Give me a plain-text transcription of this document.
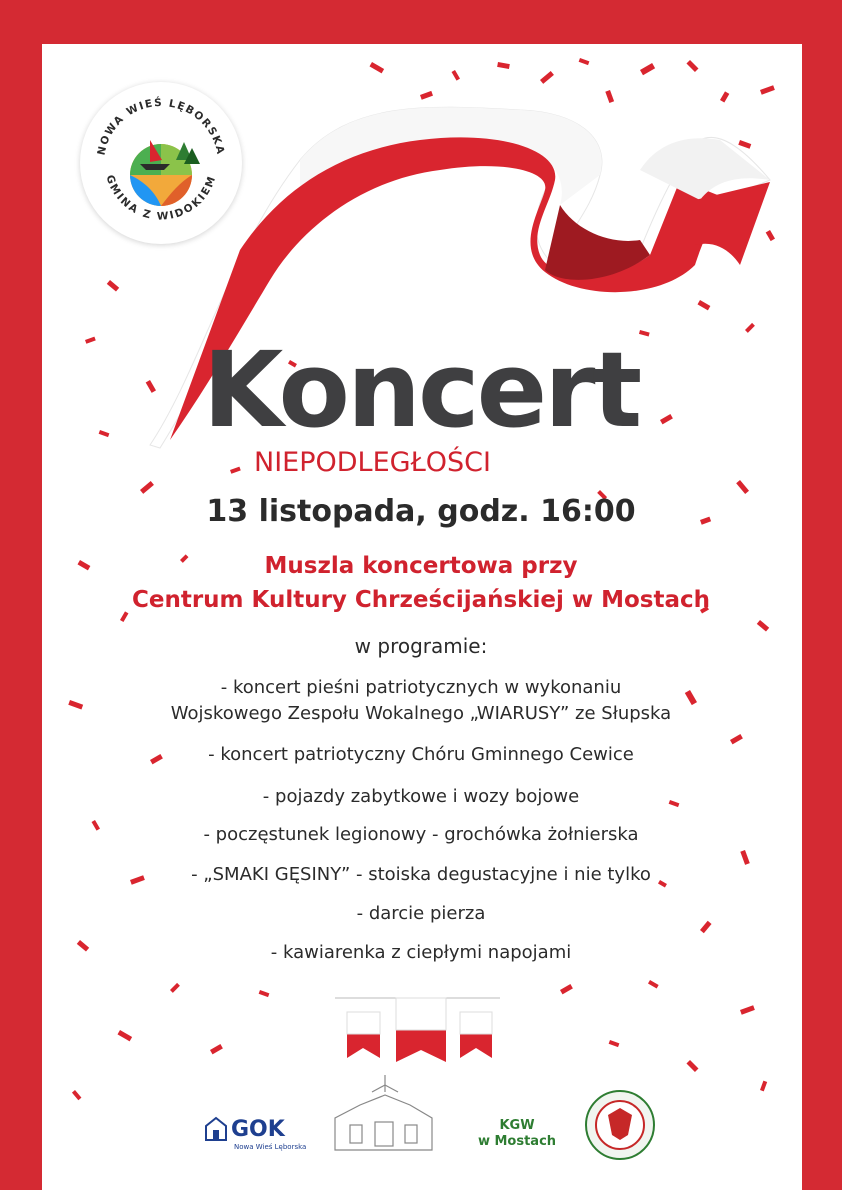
NOWA WIEŚ LĘBORSKA
GMINA Z WIDOKIEM
Koncert
NIEPODLEGŁOŚCI
13 listopada, godz. 16:00
Muszla koncertowa przy
Centrum Kultury Chrześcijańskiej w Mostach
w programie:
- koncert pieśni patriotycznych w wykonaniu
Wojskowego Zespołu Wokalnego „WIARUSY” ze Słupska
- koncert patriotyczny Chóru Gminnego Cewice
- pojazdy zabytkowe i wozy bojowe
- poczęstunek legionowy - grochówka żołnierska
- „SMAKI GĘSINY” - stoiska degustacyjne i nie tylko
- darcie pierza
- kawiarenka z ciepłymi napojami
GOK
Nowa Wieś Lęborska
KGW
w Mostach
